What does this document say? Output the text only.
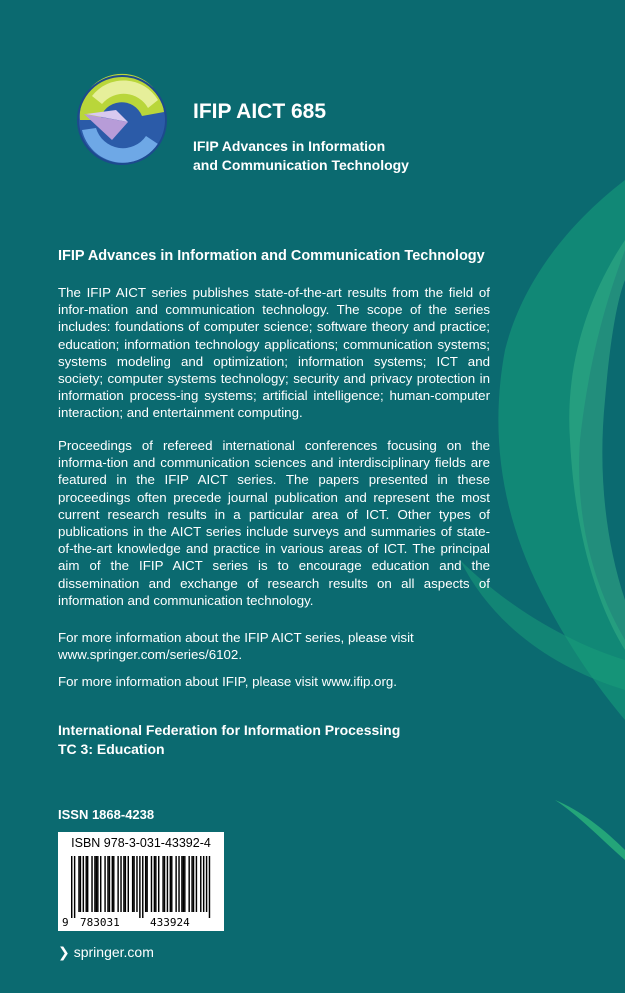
IFIP AICT 685

IFIP Advances in Information
and Communication Technology

IFIP Advances in Information and Communication Technology

The IFIP AICT series publishes state-of-the-art results from the field of infor-mation and communication technology. The scope of the series includes: foundations of computer science; software theory and practice; education; information technology applications; communication systems; systems modeling and optimization; information systems; ICT and society; computer systems technology; security and privacy protection in information process-ing systems; artificial intelligence; human-computer interaction; and entertainment computing.

Proceedings of refereed international conferences focusing on the informa-tion and communication sciences and interdisciplinary fields are featured in the IFIP AICT series. The papers presented in these proceedings often precede journal publication and represent the most current research results in a particular area of ICT. Other types of publications in the AICT series include surveys and summaries of state-of-the-art knowledge and practice in various areas of ICT. The principal aim of the IFIP AICT series is to encourage education and the dissemination and exchange of research results on all aspects of information and communication technology.

For more information about the IFIP AICT series, please visit
www.springer.com/series/6102.

For more information about IFIP, please visit www.ifip.org.

International Federation for Information Processing
TC 3: Education

ISSN 1868-4238

9 783031	433924

ISBN 978-3-031-43392-4

❯ springer.com
